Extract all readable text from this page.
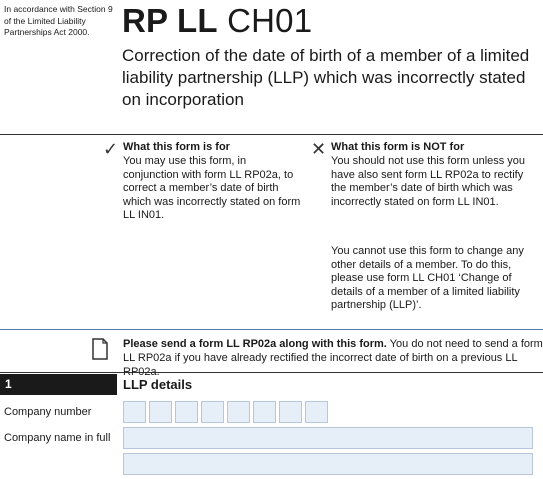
In accordance with Section 9 of the Limited Liability Partnerships Act 2000. RP LL CH01
Correction of the date of birth of a member of a limited liability partnership (LLP) which was incorrectly stated on incorporation
✓ What this form is for
You may use this form, in conjunction with form LL RP02a, to correct a member’s date of birth which was incorrectly stated on form LL IN01.
✕ What this form is NOT for
You should not use this form unless you have also sent form LL RP02a to rectify the member’s date of birth which was incorrectly stated on form LL IN01.
You cannot use this form to change any other details of a member. To do this, please use form LL CH01 ‘Change of details of a member of a limited liability partnership (LLP)’.
Please send a form LL RP02a along with this form. You do not need to send a form LL RP02a if you have already rectified the incorrect date of birth on a previous LL RP02a.
1	LLP details
Company number
Company name in full
